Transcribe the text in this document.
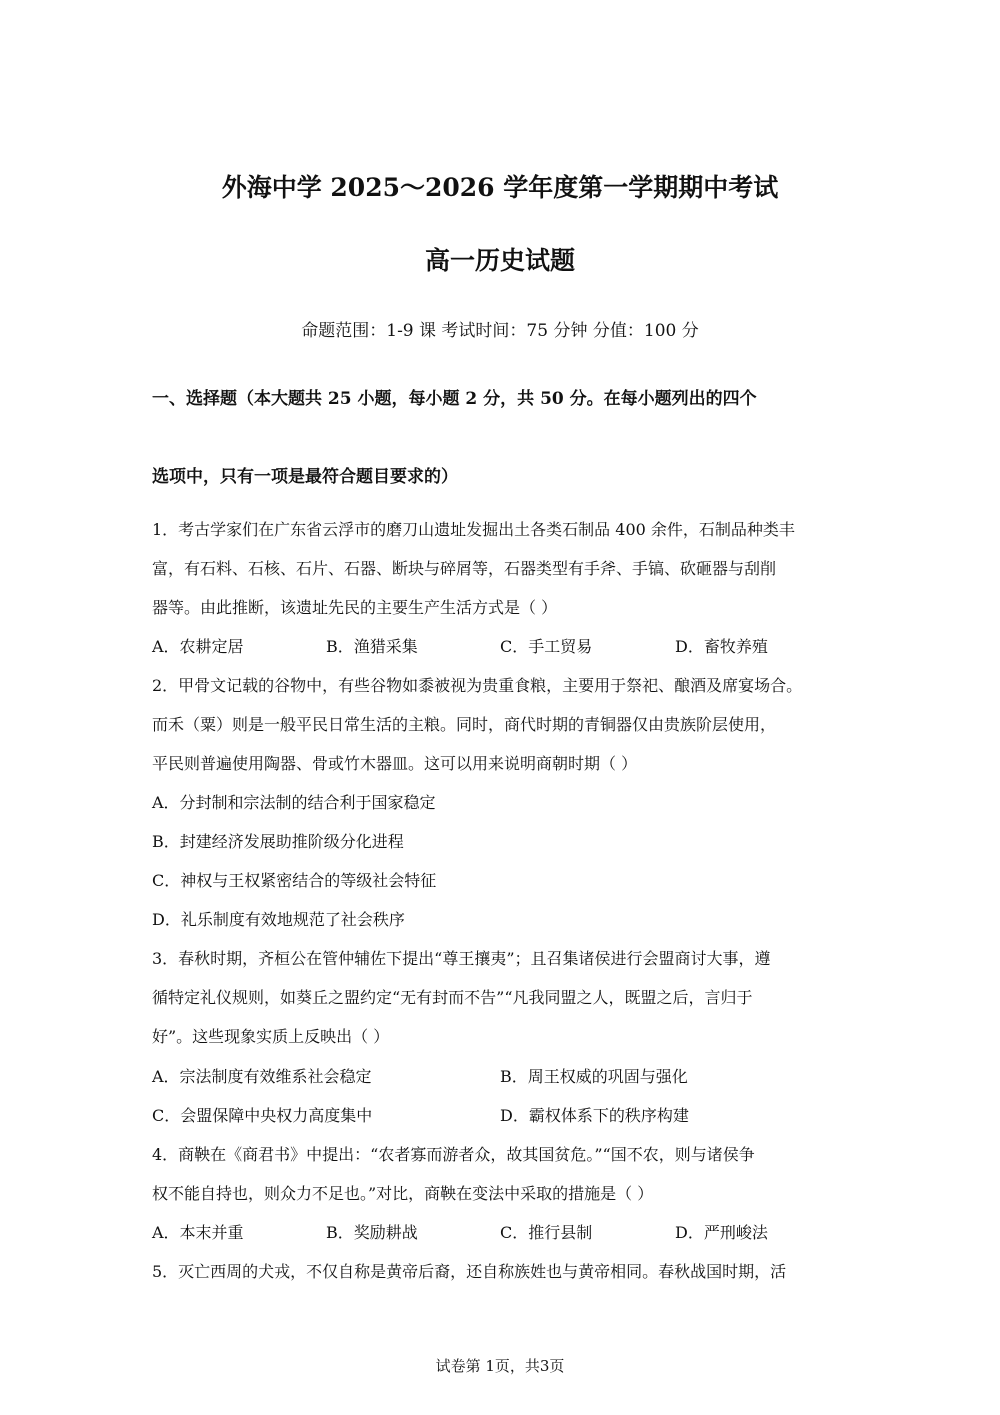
外海中学 2025～2026 学年度第一学期期中考试
高一历史试题
命题范围：1-9 课 考试时间：75 分钟 分值：100 分
一、选择题（本大题共 25 小题，每小题 2 分，共 50 分。在每小题列出的四个
选项中，只有一项是最符合题目要求的）
1．考古学家们在广东省云浮市的磨刀山遗址发掘出土各类石制品 400 余件，石制品种类丰
富，有石料、石核、石片、石器、断块与碎屑等，石器类型有手斧、手镐、砍砸器与刮削
器等。由此推断，该遗址先民的主要生产生活方式是（ ）
A．农耕定居	B．渔猎采集	C．手工贸易	D．畜牧养殖
2．甲骨文记载的谷物中，有些谷物如黍被视为贵重食粮，主要用于祭祀、酿酒及席宴场合。
而禾（粟）则是一般平民日常生活的主粮。同时，商代时期的青铜器仅由贵族阶层使用，
平民则普遍使用陶器、骨或竹木器皿。这可以用来说明商朝时期（ ）
A．分封制和宗法制的结合利于国家稳定
B．封建经济发展助推阶级分化进程
C．神权与王权紧密结合的等级社会特征
D．礼乐制度有效地规范了社会秩序
3．春秋时期，齐桓公在管仲辅佐下提出“尊王攘夷”；且召集诸侯进行会盟商讨大事，遵
循特定礼仪规则，如葵丘之盟约定“无有封而不告”“凡我同盟之人，既盟之后，言归于
好”。这些现象实质上反映出（ ）
A．宗法制度有效维系社会稳定	B．周王权威的巩固与强化
C．会盟保障中央权力高度集中	D．霸权体系下的秩序构建
4．商鞅在《商君书》中提出：“农者寡而游者众，故其国贫危。”“国不农，则与诸侯争
权不能自持也，则众力不足也。”对比，商鞅在变法中采取的措施是（ ）
A．本末并重	B．奖励耕战	C．推行县制	D．严刑峻法
5．灭亡西周的犬戎，不仅自称是黄帝后裔，还自称族姓也与黄帝相同。春秋战国时期，活
试卷第 1页，共3页
